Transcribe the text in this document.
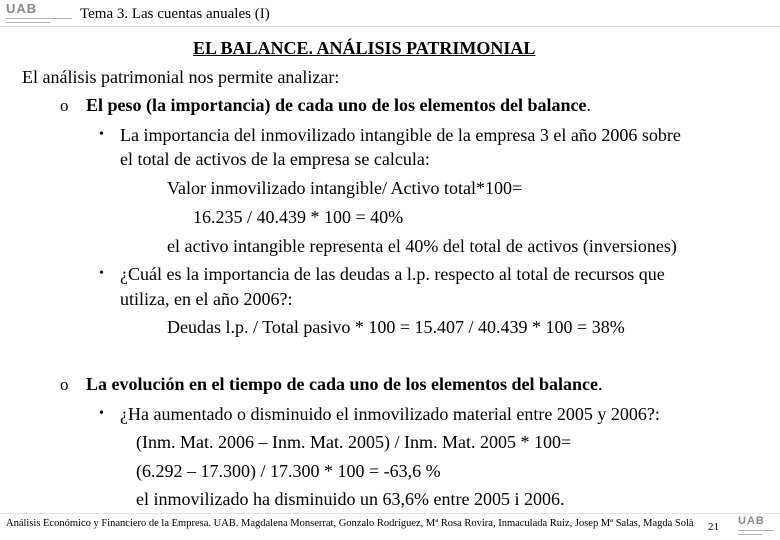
UAB	Tema 3. Las cuentas anuales (I)
EL BALANCE. ANÁLISIS PATRIMONIAL
El análisis patrimonial nos permite analizar:
o El peso (la importancia) de cada uno de los elementos del balance.
• La importancia del inmovilizado intangible de la empresa 3 el año 2006 sobre
el total de activos de la empresa se calcula:
Valor inmovilizado intangible/ Activo total*100=
16.235 / 40.439 * 100 = 40%
el activo intangible representa el 40% del total de activos (inversiones)
• ¿Cuál es la importancia de las deudas a l.p. respecto al total de recursos que
utiliza, en el año 2006?:
Deudas l.p. / Total pasivo * 100 = 15.407 / 40.439 * 100 = 38%
o La evolución en el tiempo de cada uno de los elementos del balance.
• ¿Ha aumentado o disminuido el inmovilizado material entre 2005 y 2006?:
(Inm. Mat. 2006 – Inm. Mat. 2005) / Inm. Mat. 2005 * 100=
(6.292 – 17.300) / 17.300 * 100 = -63,6 %
el inmovilizado ha disminuido un 63,6% entre 2005 i 2006.
Análisis Económico y Financiero de la Empresa. UAB. Magdalena Monserrat, Gonzalo Rodríguez, Mª Rosa Rovira, Inmaculada Ruiz, Josep Mª Salas, Magda Solà 21 UAB
